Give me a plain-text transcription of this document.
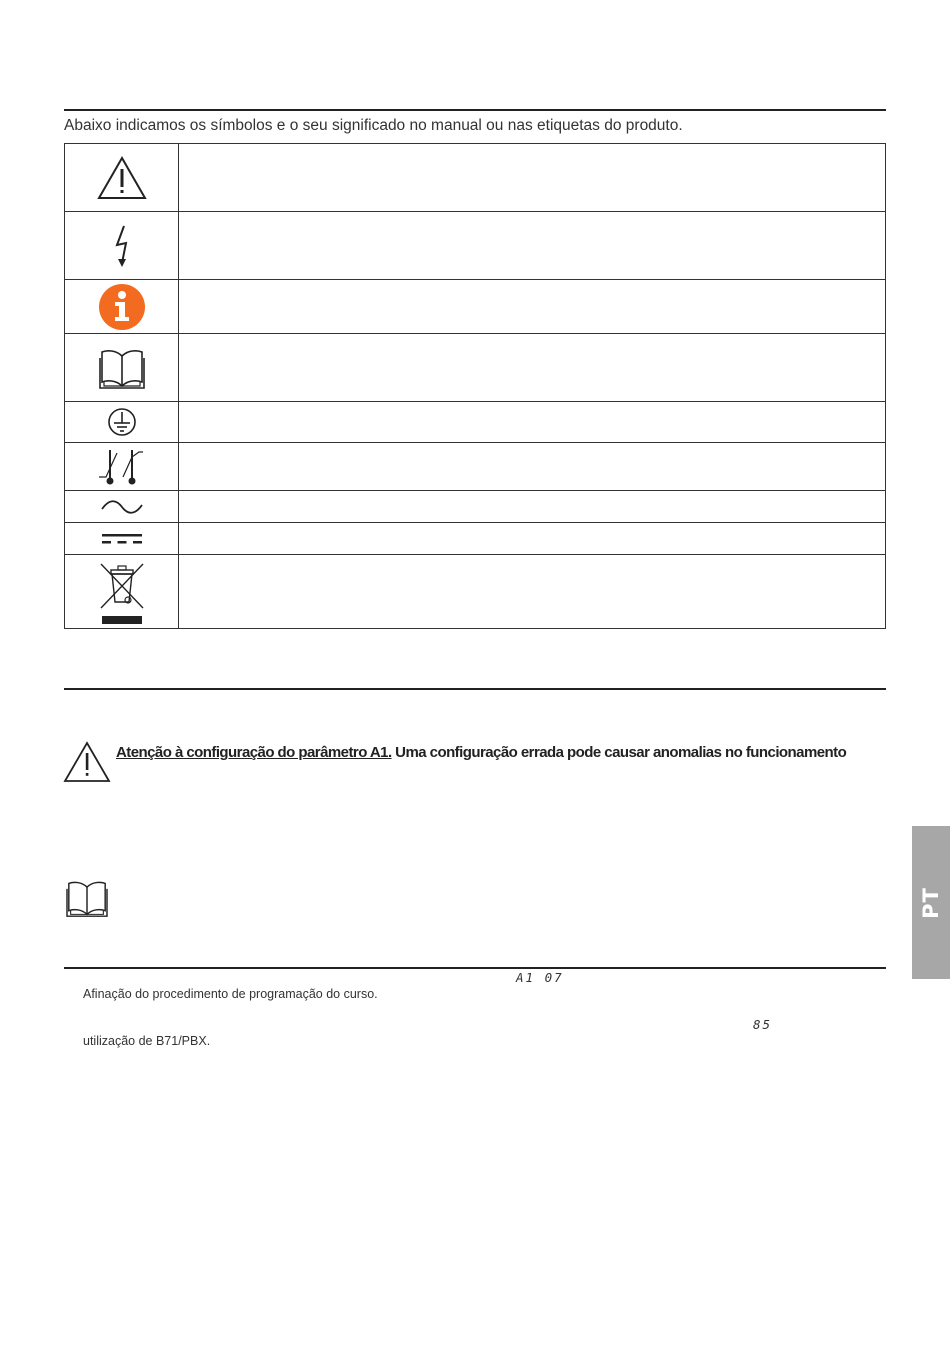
Abaixo indicamos os símbolos e o seu significado no manual ou nas etiquetas do produto.

Atenção à configuração do parâmetro A1. Uma configuração errada pode causar anomalias no funcionamento
PT
A1 07
Afinação do procedimento de programação do curso.
85
utilização de B71/PBX.
